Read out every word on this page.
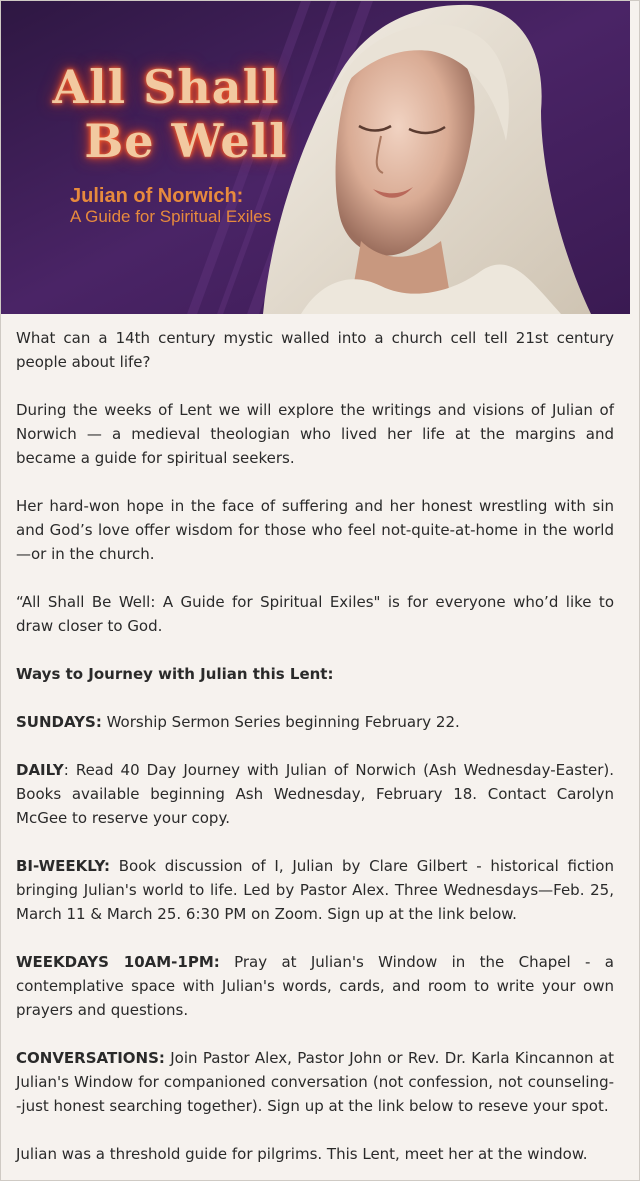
All Shall
Be Well
Julian of Norwich:
A Guide for Spiritual Exiles

What can a 14th century mystic walled into a church cell tell 21st century people about life?

During the weeks of Lent we will explore the writings and visions of Julian of Norwich — a medieval theologian who lived her life at the margins and became a guide for spiritual seekers.

Her hard-won hope in the face of suffering and her honest wrestling with sin and God’s love offer wisdom for those who feel not-quite-at-home in the world—or in the church.

“All Shall Be Well: A Guide for Spiritual Exiles" is for everyone who’d like to draw closer to God.

Ways to Journey with Julian this Lent:

SUNDAYS: Worship Sermon Series beginning February 22.

DAILY: Read 40 Day Journey with Julian of Norwich (Ash Wednesday-Easter). Books available beginning Ash Wednesday, February 18. Contact Carolyn McGee to reserve your copy.

BI-WEEKLY: Book discussion of I, Julian by Clare Gilbert - historical fiction bringing Julian's world to life. Led by Pastor Alex. Three Wednesdays—Feb. 25, March 11 & March 25. 6:30 PM on Zoom. Sign up at the link below.

WEEKDAYS 10AM-1PM: Pray at Julian's Window in the Chapel - a contemplative space with Julian's words, cards, and room to write your own prayers and questions.

CONVERSATIONS: Join Pastor Alex, Pastor John or Rev. Dr. Karla Kincannon at Julian's Window for companioned conversation (not confession, not counseling--just honest searching together). Sign up at the link below to reseve your spot.

Julian was a threshold guide for pilgrims. This Lent, meet her at the window.
